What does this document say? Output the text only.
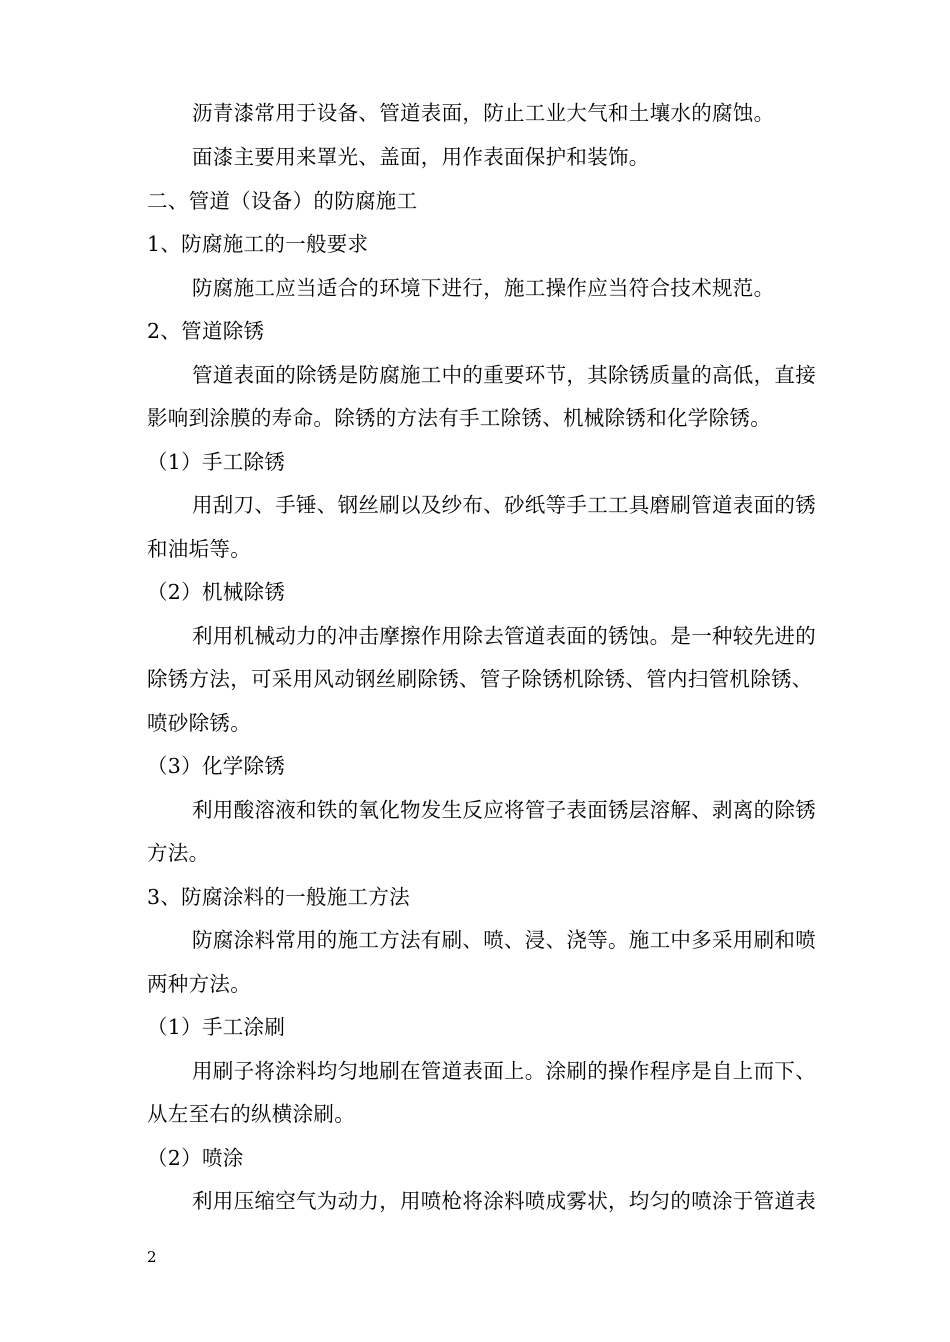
沥青漆常用于设备、管道表面，防止工业大气和土壤水的腐蚀。
面漆主要用来罩光、盖面，用作表面保护和装饰。
二、管道（设备）的防腐施工
1、防腐施工的一般要求
防腐施工应当适合的环境下进行，施工操作应当符合技术规范。
2、管道除锈
管道表面的除锈是防腐施工中的重要环节，其除锈质量的高低，直接
影响到涂膜的寿命。除锈的方法有手工除锈、机械除锈和化学除锈。
（1）手工除锈
用刮刀、手锤、钢丝刷以及纱布、砂纸等手工工具磨刷管道表面的锈
和油垢等。
（2）机械除锈
利用机械动力的冲击摩擦作用除去管道表面的锈蚀。是一种较先进的
除锈方法，可采用风动钢丝刷除锈、管子除锈机除锈、管内扫管机除锈、
喷砂除锈。
（3）化学除锈
利用酸溶液和铁的氧化物发生反应将管子表面锈层溶解、剥离的除锈
方法。
3、防腐涂料的一般施工方法
防腐涂料常用的施工方法有刷、喷、浸、浇等。施工中多采用刷和喷
两种方法。
（1）手工涂刷
用刷子将涂料均匀地刷在管道表面上。涂刷的操作程序是自上而下、
从左至右的纵横涂刷。
（2）喷涂
利用压缩空气为动力，用喷枪将涂料喷成雾状，均匀的喷涂于管道表
2
